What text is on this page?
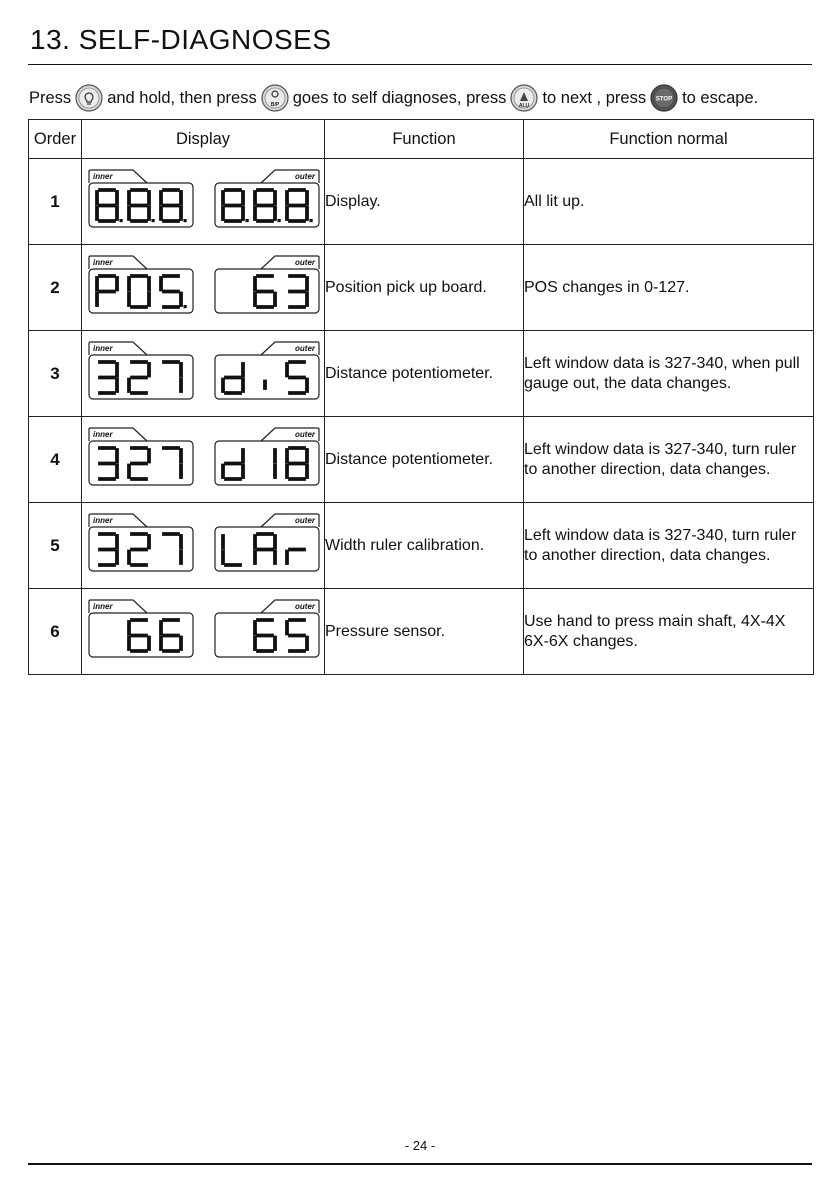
13. SELF-DIAGNOSES
Press and hold, then press	B/P goes to self diagnoses, press	ALU to next , press STOP to escape.
Order	Display	Function	Function normal
1	inner outer	Display.	All lit up.
2	inner outer	Position pick up board.	POS changes in 0-127.
3	inner outer	Distance potentiometer.	Left window data is 327-340, when pull gauge out, the data changes.
4	inner outer	Distance potentiometer.	Left window data is 327-340, turn ruler to another direction, data changes.
5	inner outer	Width ruler calibration.	Left window data is 327-340, turn ruler to another direction, data changes.
6	inner outer	Pressure sensor.	Use hand to press main shaft, 4X-4X 6X-6X changes.
- 24 -
